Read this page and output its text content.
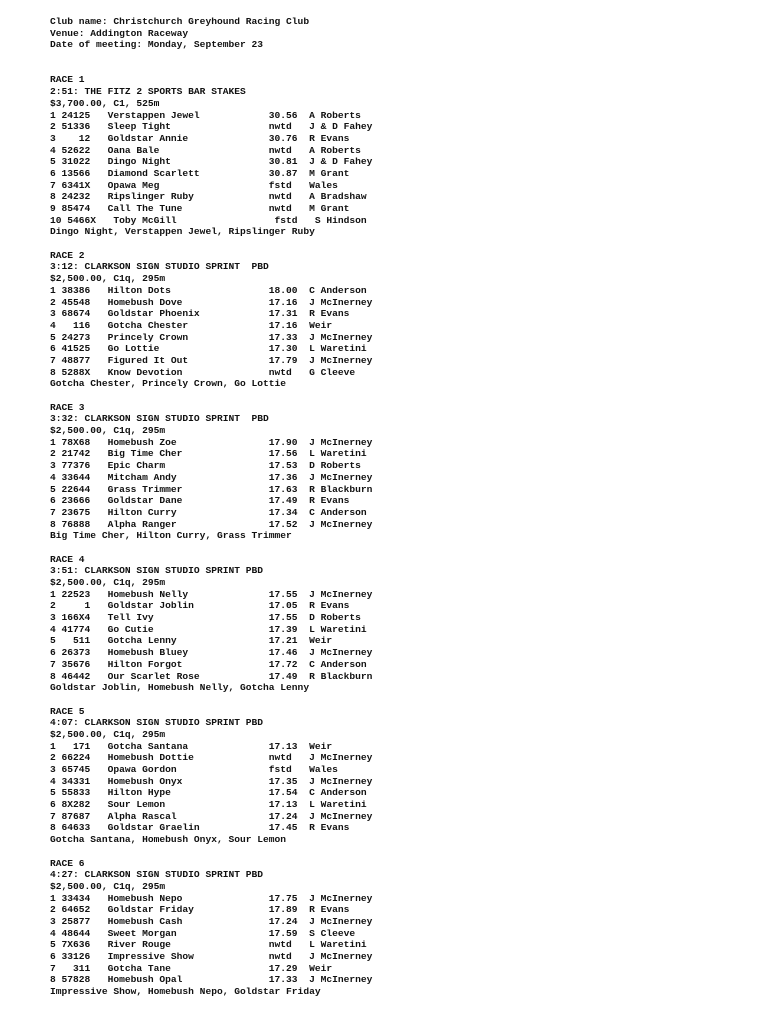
Club name: Christchurch Greyhound Racing Club
Venue: Addington Raceway
Date of meeting: Monday, September 23
RACE 1
2:51: THE FITZ 2 SPORTS BAR STAKES
$3,700.00, C1, 525m
1 24125   Verstappen Jewel            30.56  A Roberts
2 51336   Sleep Tight                 nwtd   J & D Fahey
3    12   Goldstar Annie              30.76  R Evans
4 52622   Oana Bale                   nwtd   A Roberts
5 31022   Dingo Night                 30.81  J & D Fahey
6 13566   Diamond Scarlett            30.87  M Grant
7 6341X   Opawa Meg                   fstd   Wales
8 24232   Ripslinger Ruby             nwtd   A Bradshaw
9 85474   Call The Tune               nwtd   M Grant
10 5466X   Toby McGill                 fstd   S Hindson
Dingo Night, Verstappen Jewel, Ripslinger Ruby
RACE 2
3:12: CLARKSON SIGN STUDIO SPRINT  PBD
$2,500.00, C1q, 295m
1 38386   Hilton Dots                 18.00  C Anderson
2 45548   Homebush Dove               17.16  J McInerney
3 68674   Goldstar Phoenix            17.31  R Evans
4   116   Gotcha Chester              17.16  Weir
5 24273   Princely Crown              17.33  J McInerney
6 41525   Go Lottie                   17.30  L Waretini
7 48877   Figured It Out              17.79  J McInerney
8 5288X   Know Devotion               nwtd   G Cleeve
Gotcha Chester, Princely Crown, Go Lottie
RACE 3
3:32: CLARKSON SIGN STUDIO SPRINT  PBD
$2,500.00, C1q, 295m
1 78X68   Homebush Zoe                17.90  J McInerney
2 21742   Big Time Cher               17.56  L Waretini
3 77376   Epic Charm                  17.53  D Roberts
4 33644   Mitcham Andy                17.36  J McInerney
5 22644   Grass Trimmer               17.63  R Blackburn
6 23666   Goldstar Dane               17.49  R Evans
7 23675   Hilton Curry                17.34  C Anderson
8 76888   Alpha Ranger                17.52  J McInerney
Big Time Cher, Hilton Curry, Grass Trimmer
RACE 4
3:51: CLARKSON SIGN STUDIO SPRINT PBD
$2,500.00, C1q, 295m
1 22523   Homebush Nelly              17.55  J McInerney
2     1   Goldstar Joblin             17.05  R Evans
3 166X4   Tell Ivy                    17.55  D Roberts
4 41774   Go Cutie                    17.39  L Waretini
5   511   Gotcha Lenny                17.21  Weir
6 26373   Homebush Bluey              17.46  J McInerney
7 35676   Hilton Forgot               17.72  C Anderson
8 46442   Our Scarlet Rose            17.49  R Blackburn
Goldstar Joblin, Homebush Nelly, Gotcha Lenny
RACE 5
4:07: CLARKSON SIGN STUDIO SPRINT PBD
$2,500.00, C1q, 295m
1   171   Gotcha Santana              17.13  Weir
2 66224   Homebush Dottie             nwtd   J McInerney
3 65745   Opawa Gordon                fstd   Wales
4 34331   Homebush Onyx               17.35  J McInerney
5 55833   Hilton Hype                 17.54  C Anderson
6 8X282   Sour Lemon                  17.13  L Waretini
7 87687   Alpha Rascal                17.24  J McInerney
8 64633   Goldstar Graelin            17.45  R Evans
Gotcha Santana, Homebush Onyx, Sour Lemon
RACE 6
4:27: CLARKSON SIGN STUDIO SPRINT PBD
$2,500.00, C1q, 295m
1 33434   Homebush Nepo               17.75  J McInerney
2 64652   Goldstar Friday             17.89  R Evans
3 25877   Homebush Cash               17.24  J McInerney
4 48644   Sweet Morgan                17.59  S Cleeve
5 7X636   River Rouge                 nwtd   L Waretini
6 33126   Impressive Show             nwtd   J McInerney
7   311   Gotcha Tane                 17.29  Weir
8 57828   Homebush Opal               17.33  J McInerney
Impressive Show, Homebush Nepo, Goldstar Friday
